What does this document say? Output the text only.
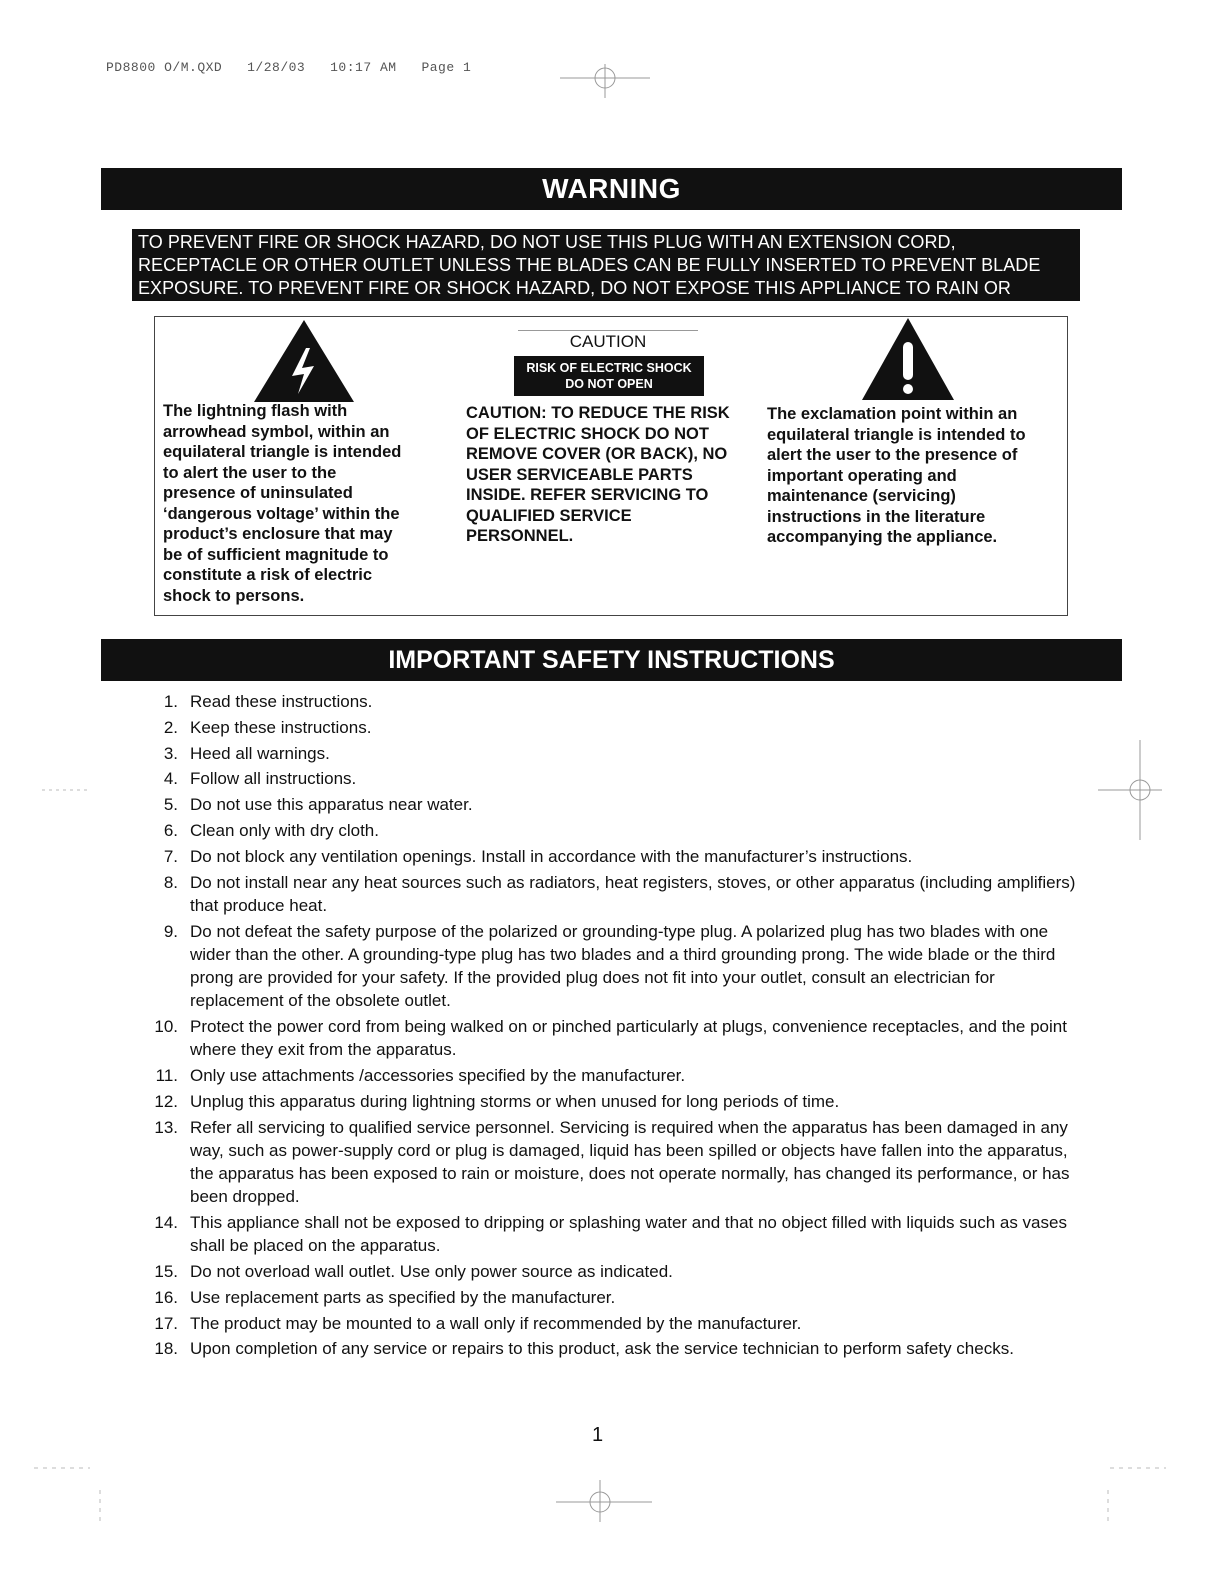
PD8800 O/M.QXD   1/28/03   10:17 AM   Page 1
WARNING
TO PREVENT FIRE OR SHOCK HAZARD, DO NOT USE THIS PLUG WITH AN EXTENSION CORD, RECEPTACLE OR OTHER OUTLET UNLESS THE BLADES CAN BE FULLY INSERTED TO PREVENT BLADE EXPOSURE. TO PREVENT FIRE OR SHOCK HAZARD, DO NOT EXPOSE THIS APPLIANCE TO RAIN OR MOISTURE.
The lightning flash with arrowhead symbol, within an equilateral triangle is intended to alert the user to the presence of uninsulated ‘dangerous voltage’ within the product’s enclosure that may be of sufficient magnitude to constitute a risk of electric shock to persons.
CAUTION
RISK OF ELECTRIC SHOCK
DO NOT OPEN
CAUTION: TO REDUCE THE RISK OF ELECTRIC SHOCK DO NOT REMOVE COVER (OR BACK), NO USER SERVICEABLE PARTS INSIDE. REFER SERVICING TO QUALIFIED SERVICE PERSONNEL.
The exclamation point within an equilateral triangle is intended to alert the user to the presence of important operating and maintenance (servicing) instructions in the literature accompanying the appliance.
IMPORTANT SAFETY INSTRUCTIONS
1. Read these instructions.
2. Keep these instructions.
3. Heed all warnings.
4. Follow all instructions.
5. Do not use this apparatus near water.
6. Clean only with dry cloth.
7. Do not block any ventilation openings. Install in accordance with the manufacturer’s instructions.
8. Do not install near any heat sources such as radiators, heat registers, stoves, or other apparatus (including amplifiers) that produce heat.
9. Do not defeat the safety purpose of the polarized or grounding-type plug. A polarized plug has two blades with one wider than the other. A grounding-type plug has two blades and a third grounding prong. The wide blade or the third prong are provided for your safety. If the provided plug does not fit into your outlet, consult an electrician for replacement of the obsolete outlet.
10. Protect the power cord from being walked on or pinched particularly at plugs, convenience receptacles, and the point where they exit from the apparatus.
11. Only use attachments /accessories specified by the manufacturer.
12. Unplug this apparatus during lightning storms or when unused for long periods of time.
13. Refer all servicing to qualified service personnel. Servicing is required when the apparatus has been damaged in any way, such as power-supply cord or plug is damaged, liquid has been spilled or objects have fallen into the apparatus, the apparatus has been exposed to rain or moisture, does not operate normally, has changed its performance, or has been dropped.
14. This appliance shall not be exposed to dripping or splashing water and that no object filled with liquids such as vases shall be placed on the apparatus.
15. Do not overload wall outlet. Use only power source as indicated.
16. Use replacement parts as specified by the manufacturer.
17. The product may be mounted to a wall only if recommended by the manufacturer.
18. Upon completion of any service or repairs to this product, ask the service technician to perform safety checks.
1
